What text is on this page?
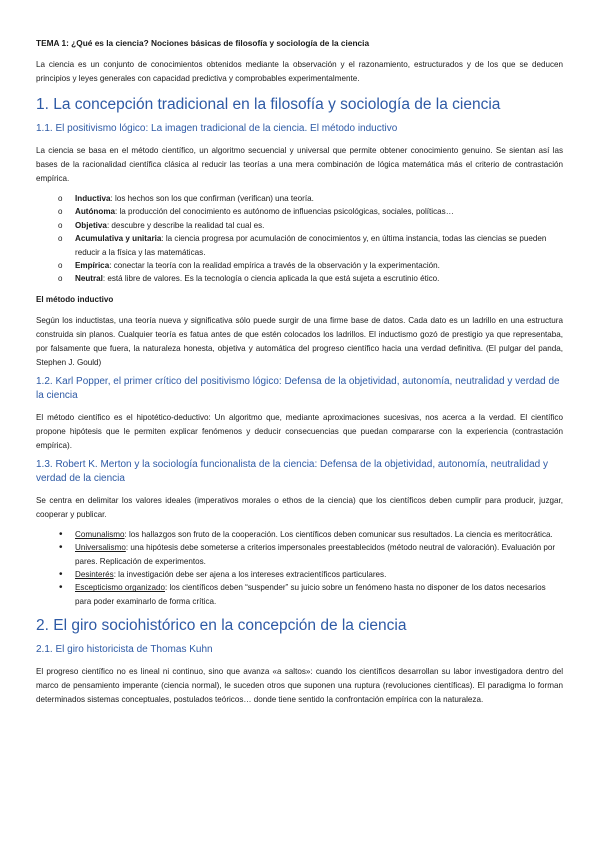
TEMA 1: ¿Qué es la ciencia? Nociones básicas de filosofía y sociología de la ciencia

La ciencia es un conjunto de conocimientos obtenidos mediante la observación y el razonamiento, estructurados y de los que se deducen principios y leyes generales con capacidad predictiva y comprobables experimentalmente.

1. La concepción tradicional en la filosofía y sociología de la ciencia
1.1. El positivismo lógico: La imagen tradicional de la ciencia. El método inductivo

La ciencia se basa en el método científico, un algoritmo secuencial y universal que permite obtener conocimiento genuino. Se sientan así las bases de la racionalidad científica clásica al reducir las teorías a una mera combinación de lógica matemática más el criterio de contrastación empírica.

o Inductiva: los hechos son los que confirman (verifican) una teoría.
o Autónoma: la producción del conocimiento es autónomo de influencias psicológicas, sociales, políticas…
o Objetiva: descubre y describe la realidad tal cual es.
o Acumulativa y unitaria: la ciencia progresa por acumulación de conocimientos y, en última instancia, todas las ciencias se pueden reducir a la física y las matemáticas.
o Empírica: conectar la teoría con la realidad empírica a través de la observación y la experimentación.
o Neutral: está libre de valores. Es la tecnología o ciencia aplicada la que está sujeta a escrutinio ético.
El método inductivo

Según los inductistas, una teoría nueva y significativa sólo puede surgir de una firme base de datos. Cada dato es un ladrillo en una estructura construida sin planos. Cualquier teoría es fatua antes de que estén colocados los ladrillos. El inductismo gozó de prestigio ya que representaba, por falsamente que fuera, la naturaleza honesta, objetiva y automática del progreso científico hacia una verdad definitiva. (El pulgar del panda, Stephen J. Gould)

1.2. Karl Popper, el primer crítico del positivismo lógico: Defensa de la objetividad, autonomía, neutralidad y verdad de la ciencia

El método científico es el hipotético-deductivo: Un algoritmo que, mediante aproximaciones sucesivas, nos acerca a la verdad. El científico propone hipótesis que le permiten explicar fenómenos y deducir consecuencias que puedan compararse con la experiencia (contrastación empírica).

1.3. Robert K. Merton y la sociología funcionalista de la ciencia: Defensa de la objetividad, autonomía, neutralidad y verdad de la ciencia

Se centra en delimitar los valores ideales (imperativos morales o ethos de la ciencia) que los científicos deben cumplir para producir, juzgar, cooperar y publicar.

• Comunalismo: los hallazgos son fruto de la cooperación. Los científicos deben comunicar sus resultados. La ciencia es meritocrática.
• Universalismo: una hipótesis debe someterse a criterios impersonales preestablecidos (método neutral de valoración). Evaluación por pares. Replicación de experimentos.
• Desinterés: la investigación debe ser ajena a los intereses extracientíficos particulares.
• Escepticismo organizado: los científicos deben “suspender” su juicio sobre un fenómeno hasta no disponer de los datos necesarios para poder examinarlo de forma crítica.
2. El giro sociohistórico en la concepción de la ciencia
2.1. El giro historicista de Thomas Kuhn

El progreso científico no es lineal ni continuo, sino que avanza «a saltos»: cuando los científicos desarrollan su labor investigadora dentro del marco de pensamiento imperante (ciencia normal), le suceden otros que suponen una ruptura (revoluciones científicas). El paradigma lo forman determinados sistemas conceptuales, postulados teóricos… donde tiene sentido la confrontación empírica con la naturaleza.
